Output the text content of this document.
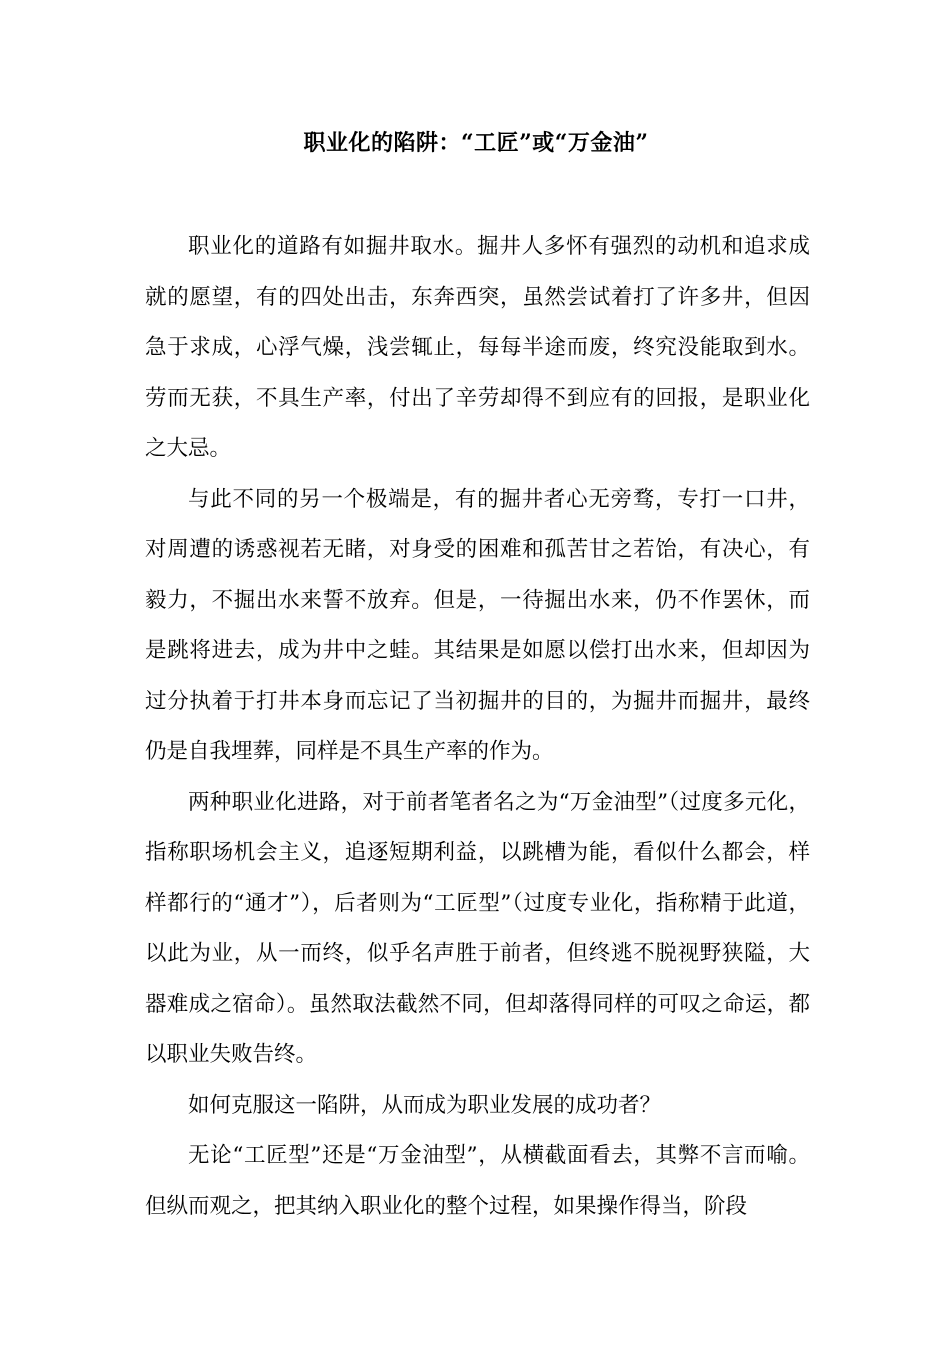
职业化的陷阱：“工匠”或“万金油”

职业化的道路有如掘井取水。掘井人多怀有强烈的动机和追求成就的愿望，有的四处出击，东奔西突，虽然尝试着打了许多井，但因急于求成，心浮气燥，浅尝辄止，每每半途而废，终究没能取到水。劳而无获，不具生产率，付出了辛劳却得不到应有的回报，是职业化之大忌。

与此不同的另一个极端是，有的掘井者心无旁骛，专打一口井，对周遭的诱惑视若无睹，对身受的困难和孤苦甘之若饴，有决心，有毅力，不掘出水来誓不放弃。但是，一待掘出水来，仍不作罢休，而是跳将进去，成为井中之蛙。其结果是如愿以偿打出水来，但却因为过分执着于打井本身而忘记了当初掘井的目的，为掘井而掘井，最终仍是自我埋葬，同样是不具生产率的作为。

两种职业化进路，对于前者笔者名之为“万金油型”（过度多元化，指称职场机会主义，追逐短期利益，以跳槽为能，看似什么都会，样样都行的“通才”），后者则为“工匠型”（过度专业化，指称精于此道，以此为业，从一而终，似乎名声胜于前者，但终逃不脱视野狭隘，大器难成之宿命）。虽然取法截然不同，但却落得同样的可叹之命运，都以职业失败告终。

如何克服这一陷阱，从而成为职业发展的成功者？

无论“工匠型”还是“万金油型”，从横截面看去，其弊不言而喻。但纵而观之，把其纳入职业化的整个过程，如果操作得当，阶段
